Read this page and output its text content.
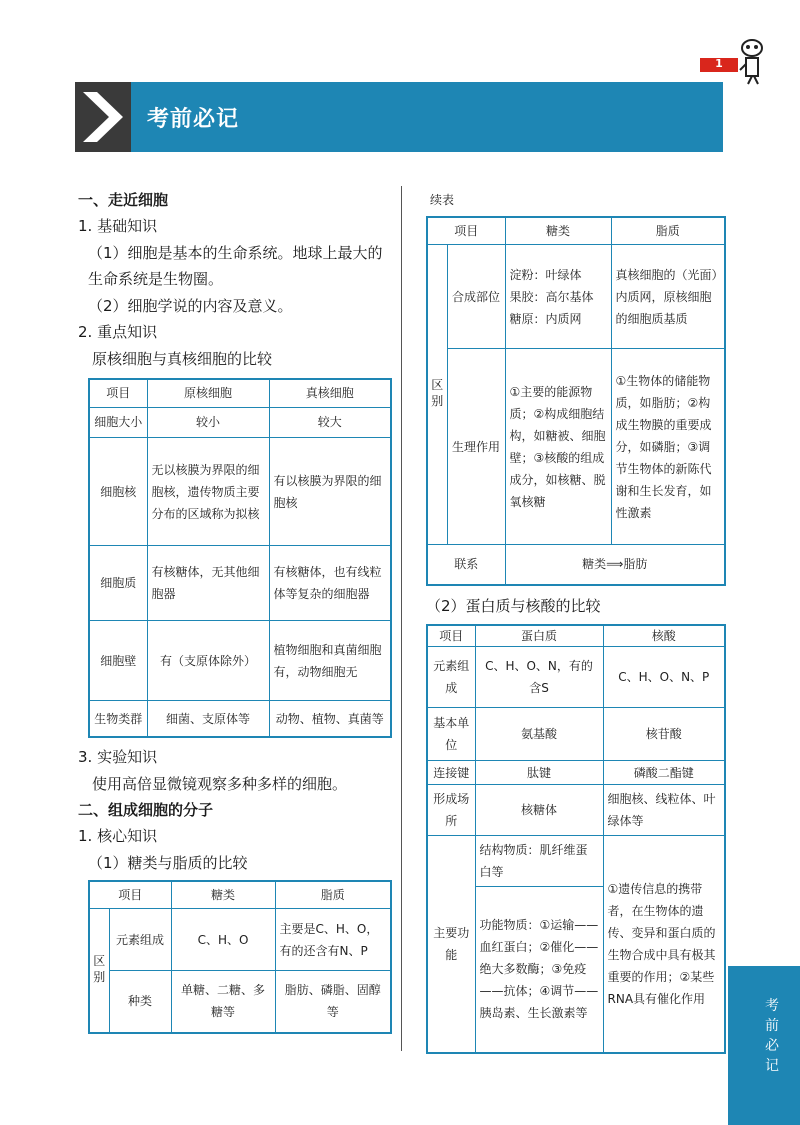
考前必记
1
考前必记
一、走近细胞
1. 基础知识
（1）细胞是基本的生命系统。地球上最大的
生命系统是生物圈。
（2）细胞学说的内容及意义。
2. 重点知识
原核细胞与真核细胞的比较
项目	原核细胞	真核细胞
细胞大小	较小	较大
细胞核	无以核膜为界限的细胞核，遗传物质主要分布的区域称为拟核	有以核膜为界限的细胞核
细胞质	有核糖体，无其他细胞器	有核糖体，也有线粒体等复杂的细胞器
细胞壁	有（支原体除外）	植物细胞和真菌细胞有，动物细胞无
生物类群	细菌、支原体等	动物、植物、真菌等
3. 实验知识
使用高倍显微镜观察多种多样的细胞。
二、组成细胞的分子
1. 核心知识
（1）糖类与脂质的比较
项目		糖类	脂质
区别	元素组成	C、H、O	主要是C、H、O，有的还含有N、P
	种类	单糖、二糖、多糖等	脂肪、磷脂、固醇等
续表
项目		糖类	脂质
区别	合成部位	淀粉：叶绿体
果胶：高尔基体
糖原：内质网	真核细胞的（光面）内质网，原核细胞的细胞质基质
	生理作用	①主要的能源物质；②构成细胞结构，如糖被、细胞壁；③核酸的组成成分，如核糖、脱氧核糖	①生物体的储能物质，如脂肪；②构成生物膜的重要成分，如磷脂；③调节生物体的新陈代谢和生长发育，如性激素
联系		糖类⟹脂肪	
（2）蛋白质与核酸的比较
项目	蛋白质	核酸
元素组成	C、H、O、N，有的含S	C、H、O、N、P
基本单位	氨基酸	核苷酸
连接键	肽键	磷酸二酯键
形成场所	核糖体	细胞核、线粒体、叶绿体等
主要功能	结构物质：肌纤维蛋白等	①遗传信息的携带者，在生物体的遗传、变异和蛋白质的生物合成中具有极其重要的作用；②某些RNA具有催化作用
	功能物质：①运输——血红蛋白；②催化——绝大多数酶；③免疫——抗体；④调节——胰岛素、生长激素等	
